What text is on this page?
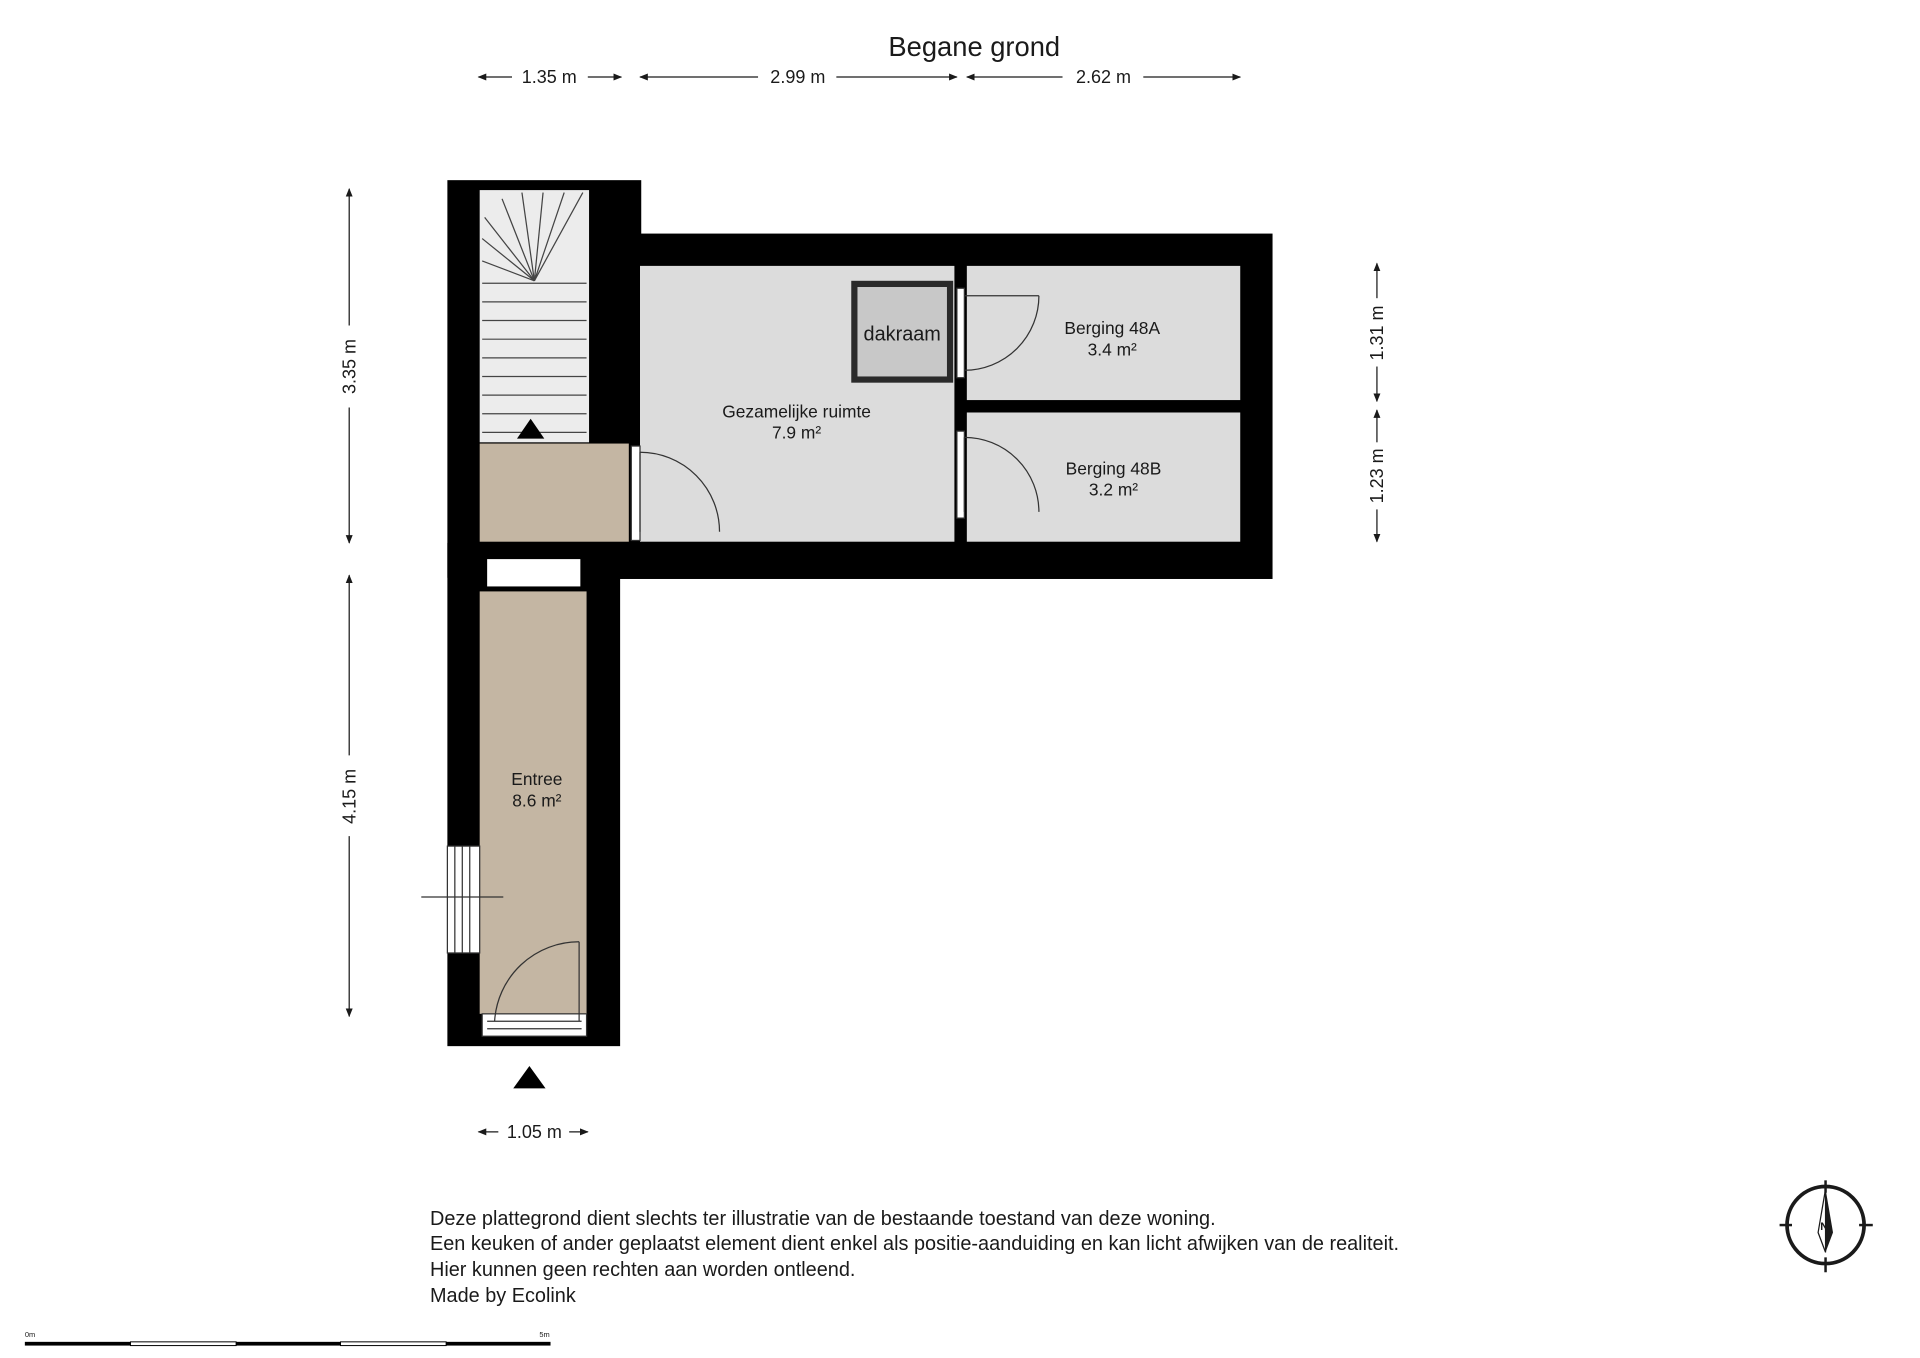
Begane grond
1.35 m	2.99 m	2.62 m
3.35 m
4.15 m
1.31 m
1.23 m
dakraam
Gezamelijke ruimte
7.9 m²
Berging 48A
3.4 m²
Berging 48B
3.2 m²
Entree
8.6 m²
1.05 m
Deze plattegrond dient slechts ter illustratie van de bestaande toestand van deze woning.
Een keuken of ander geplaatst element dient enkel als positie-aanduiding en kan licht afwijken van de realiteit.
Hier kunnen geen rechten aan worden ontleend.
Made by Ecolink
0m	5m
N
